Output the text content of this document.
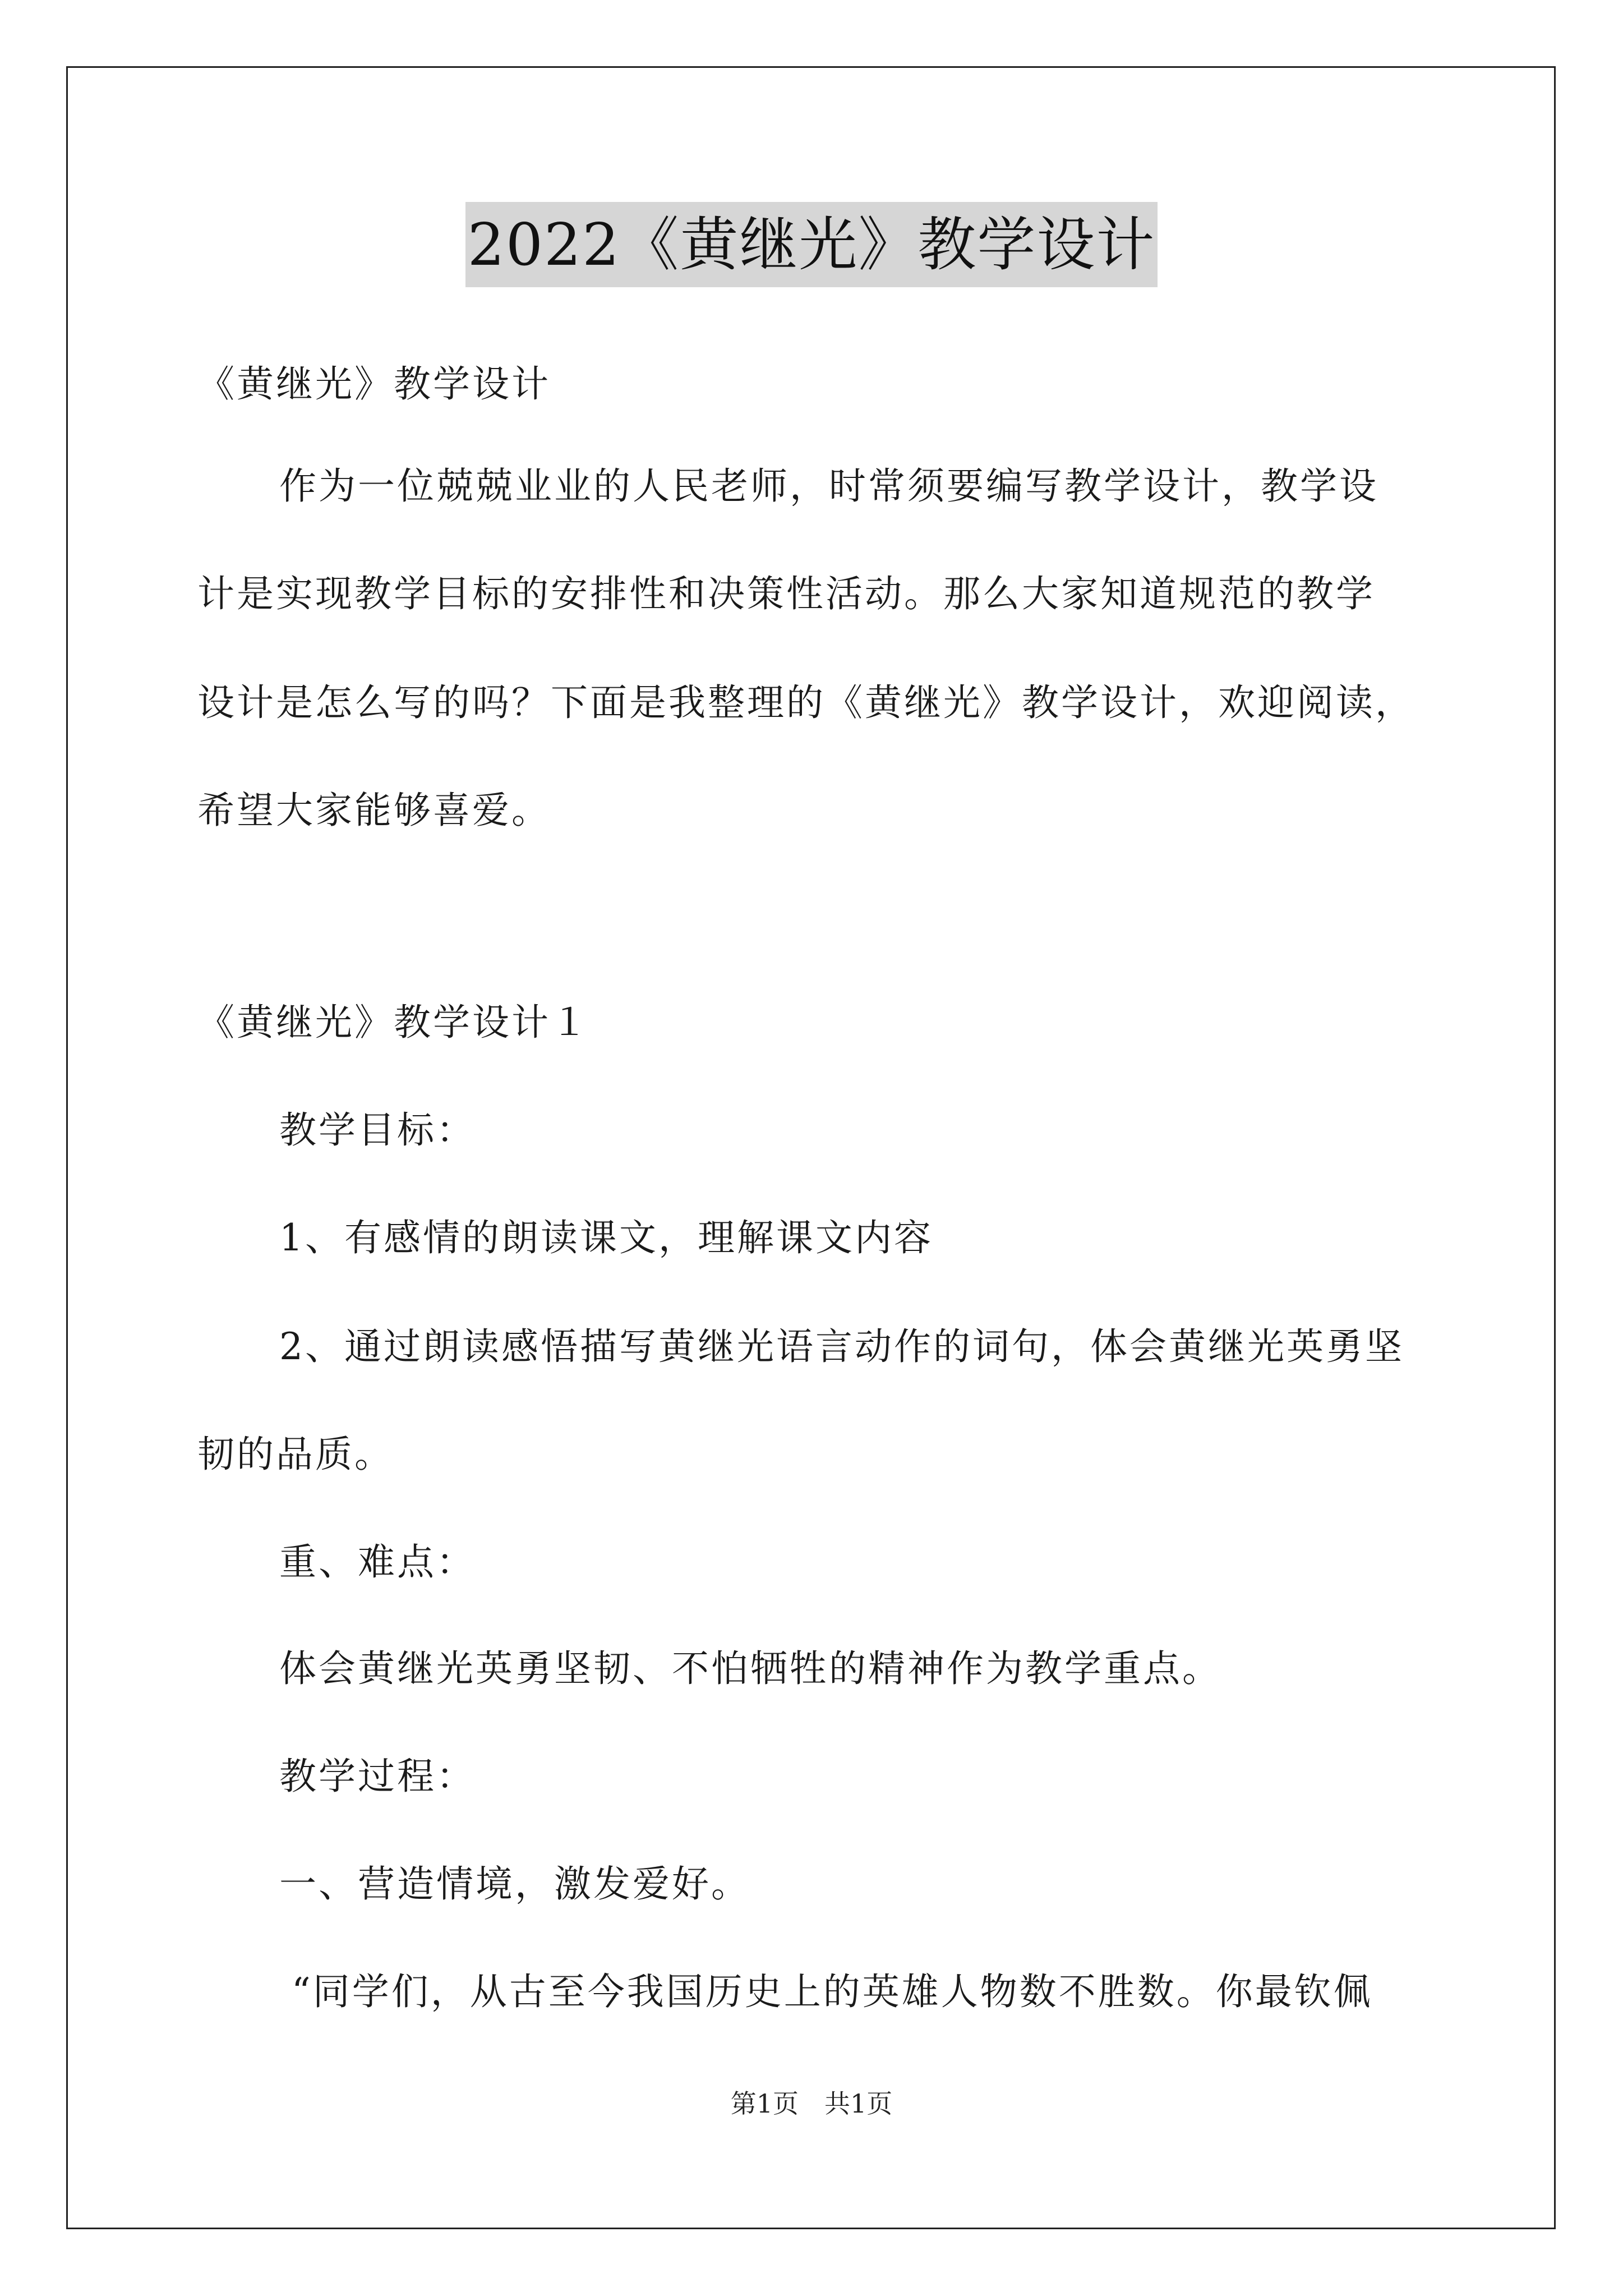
2022《黄继光》教学设计
《黄继光》教学设计
作为一位兢兢业业的人民老师，时常须要编写教学设计，教学设
计是实现教学目标的安排性和决策性活动。那么大家知道规范的教学
设计是怎么写的吗？下面是我整理的《黄继光》教学设计，欢迎阅读，
希望大家能够喜爱。
《黄继光》教学设计１
教学目标：
1、有感情的朗读课文，理解课文内容
2、通过朗读感悟描写黄继光语言动作的词句，体会黄继光英勇坚
韧的品质。
重、难点：
体会黄继光英勇坚韧、不怕牺牲的精神作为教学重点。
教学过程：
一、营造情境，激发爱好。
“同学们，从古至今我国历史上的英雄人物数不胜数。你最钦佩
第1页　共1页
